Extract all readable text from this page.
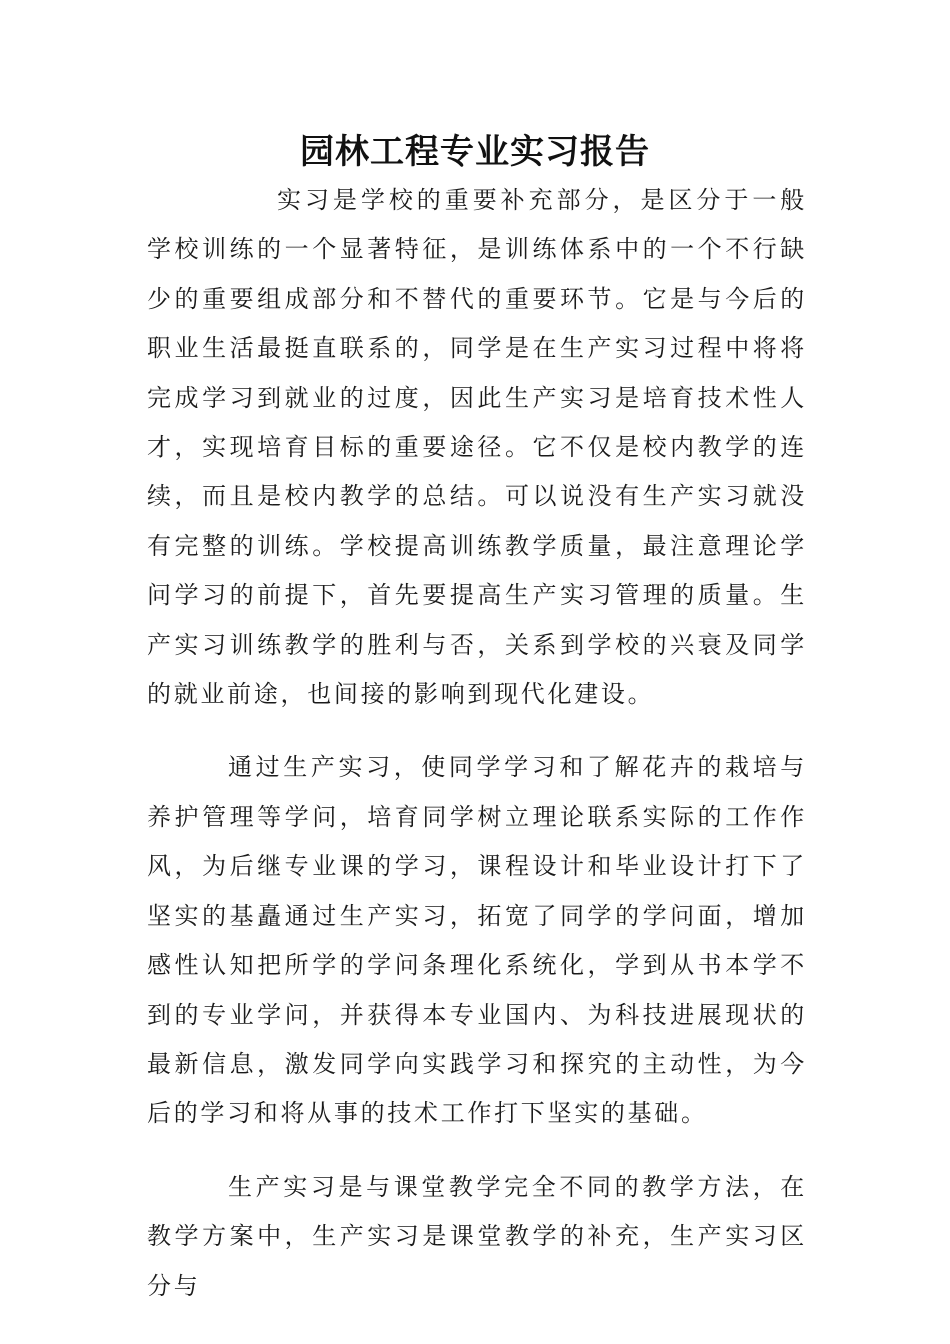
园林工程专业实习报告

实习是学校的重要补充部分，是区分于一般学校训练的一个显著特征，是训练体系中的一个不行缺少的重要组成部分和不替代的重要环节。它是与今后的职业生活最挺直联系的，同学是在生产实习过程中将将完成学习到就业的过度，因此生产实习是培育技术性人才，实现培育目标的重要途径。它不仅是校内教学的连续，而且是校内教学的总结。可以说没有生产实习就没有完整的训练。学校提高训练教学质量，最注意理论学问学习的前提下，首先要提高生产实习管理的质量。生产实习训练教学的胜利与否，关系到学校的兴衰及同学的就业前途，也间接的影响到现代化建设。

通过生产实习，使同学学习和了解花卉的栽培与养护管理等学问，培育同学树立理论联系实际的工作作风，为后继专业课的学习，课程设计和毕业设计打下了坚实的基矗通过生产实习，拓宽了同学的学问面，增加感性认知把所学的学问条理化系统化，学到从书本学不到的专业学问，并获得本专业国内、为科技进展现状的最新信息，激发同学向实践学习和探究的主动性，为今后的学习和将从事的技术工作打下坚实的基础。

生产实习是与课堂教学完全不同的教学方法，在教学方案中，生产实习是课堂教学的补充，生产实习区分与
